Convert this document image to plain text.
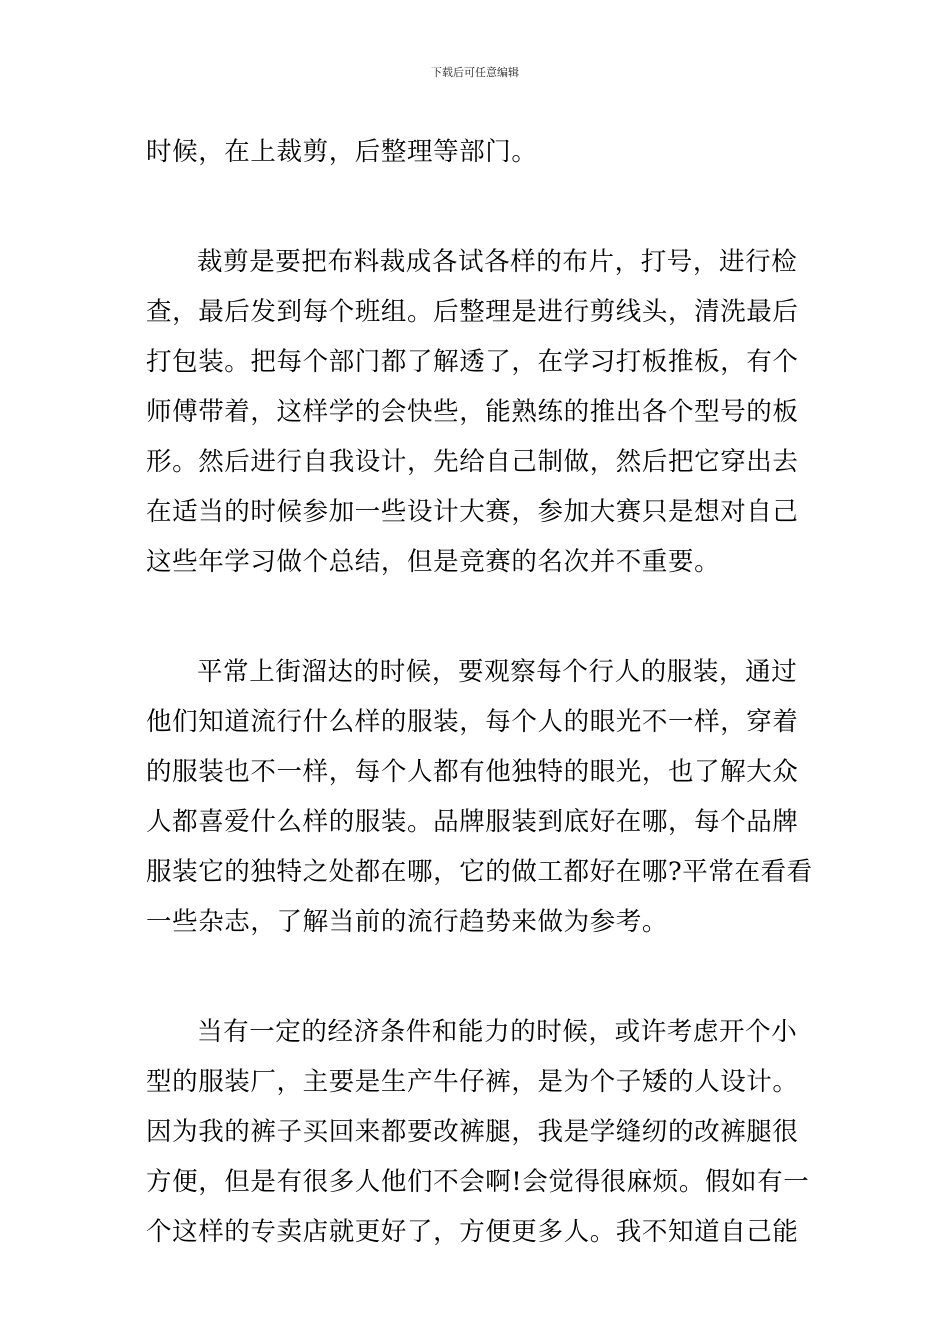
下载后可任意编辑
时候，在上裁剪，后整理等部门。
裁剪是要把布料裁成各试各样的布片，打号，进行检
查，最后发到每个班组。后整理是进行剪线头，清洗最后
打包装。把每个部门都了解透了，在学习打板推板，有个
师傅带着，这样学的会快些，能熟练的推出各个型号的板
形。然后进行自我设计，先给自己制做，然后把它穿出去
在适当的时候参加一些设计大赛，参加大赛只是想对自己
这些年学习做个总结，但是竞赛的名次并不重要。
平常上街溜达的时候，要观察每个行人的服装，通过
他们知道流行什么样的服装，每个人的眼光不一样，穿着
的服装也不一样，每个人都有他独特的眼光，也了解大众
人都喜爱什么样的服装。品牌服装到底好在哪，每个品牌
服装它的独特之处都在哪，它的做工都好在哪?平常在看看
一些杂志，了解当前的流行趋势来做为参考。
当有一定的经济条件和能力的时候，或许考虑开个小
型的服装厂，主要是生产牛仔裤，是为个子矮的人设计。
因为我的裤子买回来都要改裤腿，我是学缝纫的改裤腿很
方便，但是有很多人他们不会啊!会觉得很麻烦。假如有一
个这样的专卖店就更好了，方便更多人。我不知道自己能
